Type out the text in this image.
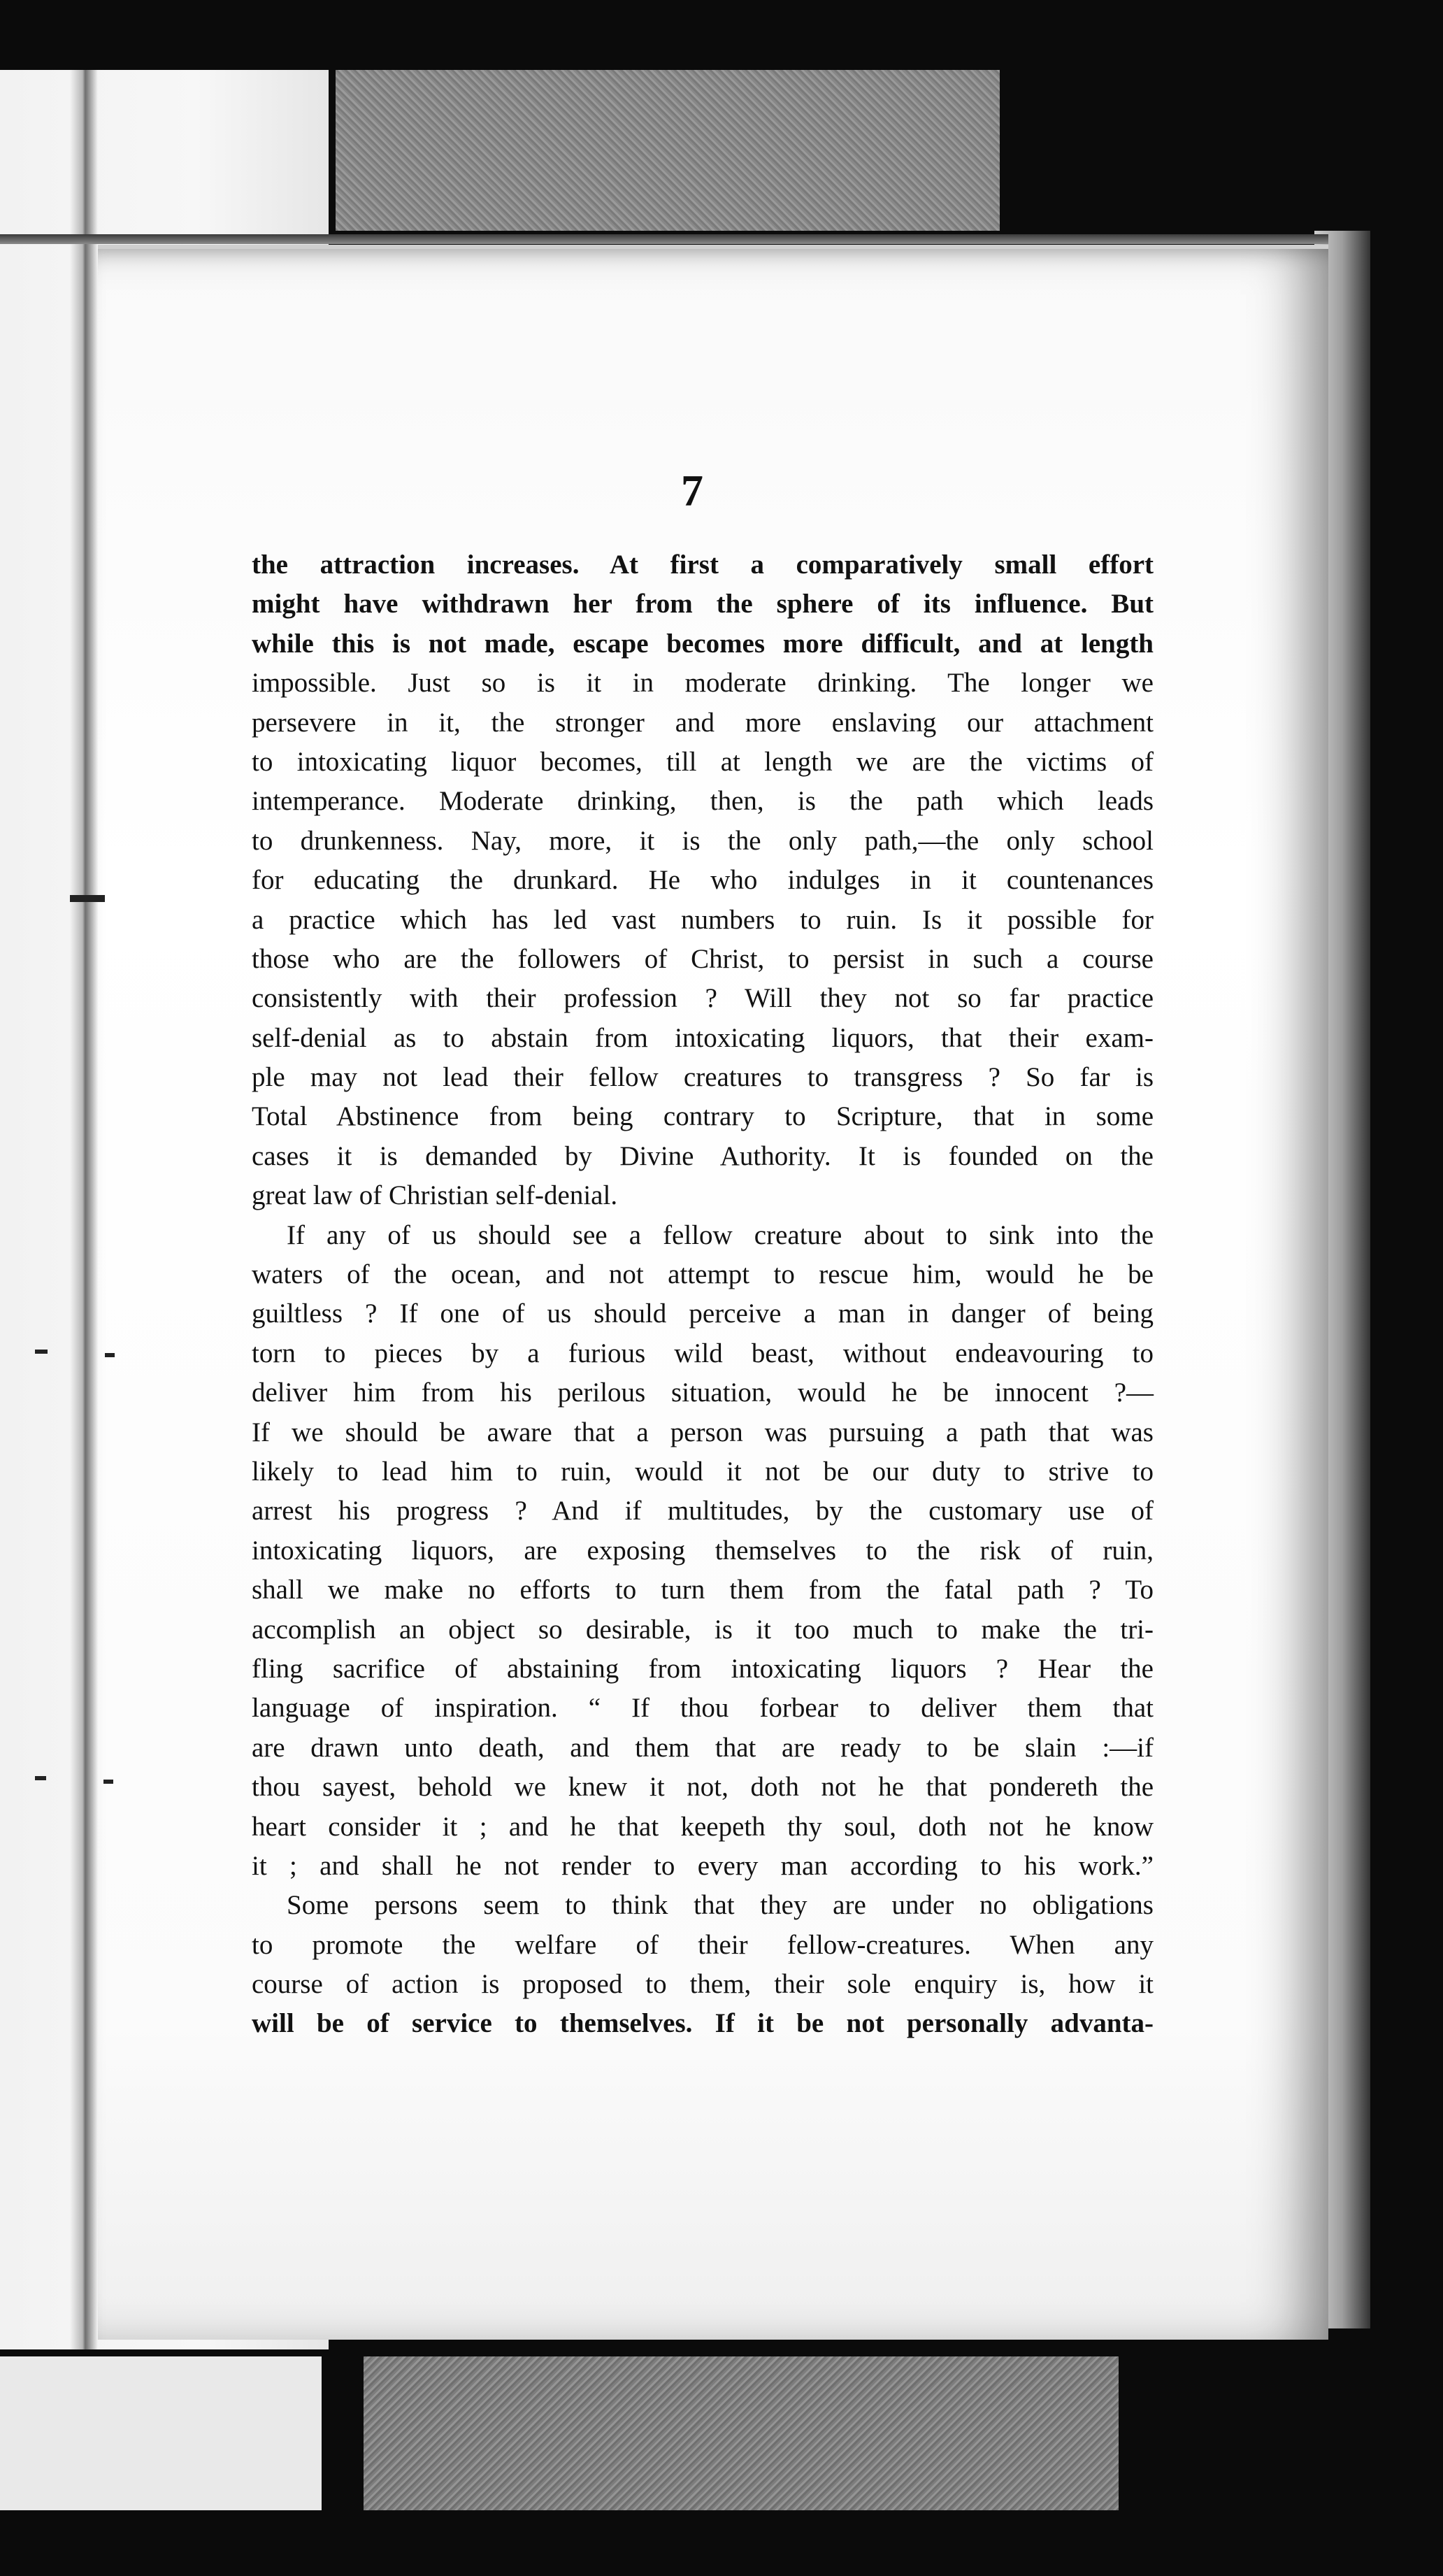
7
the attraction increases. At first a comparatively small effort
might have withdrawn her from the sphere of its influence. But
while this is not made, escape becomes more difficult, and at length
impossible. Just so is it in moderate drinking. The longer we
persevere in it, the stronger and more enslaving our attachment
to intoxicating liquor becomes, till at length we are the victims of
intemperance. Moderate drinking, then, is the path which leads
to drunkenness. Nay, more, it is the only path,—the only school
for educating the drunkard. He who indulges in it countenances
a practice which has led vast numbers to ruin. Is it possible for
those who are the followers of Christ, to persist in such a course
consistently with their profession ? Will they not so far practice
self-denial as to abstain from intoxicating liquors, that their exam-
ple may not lead their fellow creatures to transgress ? So far is
Total Abstinence from being contrary to Scripture, that in some
cases it is demanded by Divine Authority. It is founded on the
great law of Christian self-denial.
If any of us should see a fellow creature about to sink into the
waters of the ocean, and not attempt to rescue him, would he be
guiltless ? If one of us should perceive a man in danger of being
torn to pieces by a furious wild beast, without endeavouring to
deliver him from his perilous situation, would he be innocent ?—
If we should be aware that a person was pursuing a path that was
likely to lead him to ruin, would it not be our duty to strive to
arrest his progress ? And if multitudes, by the customary use of
intoxicating liquors, are exposing themselves to the risk of ruin,
shall we make no efforts to turn them from the fatal path ? To
accomplish an object so desirable, is it too much to make the tri-
fling sacrifice of abstaining from intoxicating liquors ? Hear the
language of inspiration. “ If thou forbear to deliver them that
are drawn unto death, and them that are ready to be slain :—if
thou sayest, behold we knew it not, doth not he that pondereth the
heart consider it ; and he that keepeth thy soul, doth not he know
it ; and shall he not render to every man according to his work.”
Some persons seem to think that they are under no obligations
to promote the welfare of their fellow-creatures. When any
course of action is proposed to them, their sole enquiry is, how it
will be of service to themselves. If it be not personally advanta-
